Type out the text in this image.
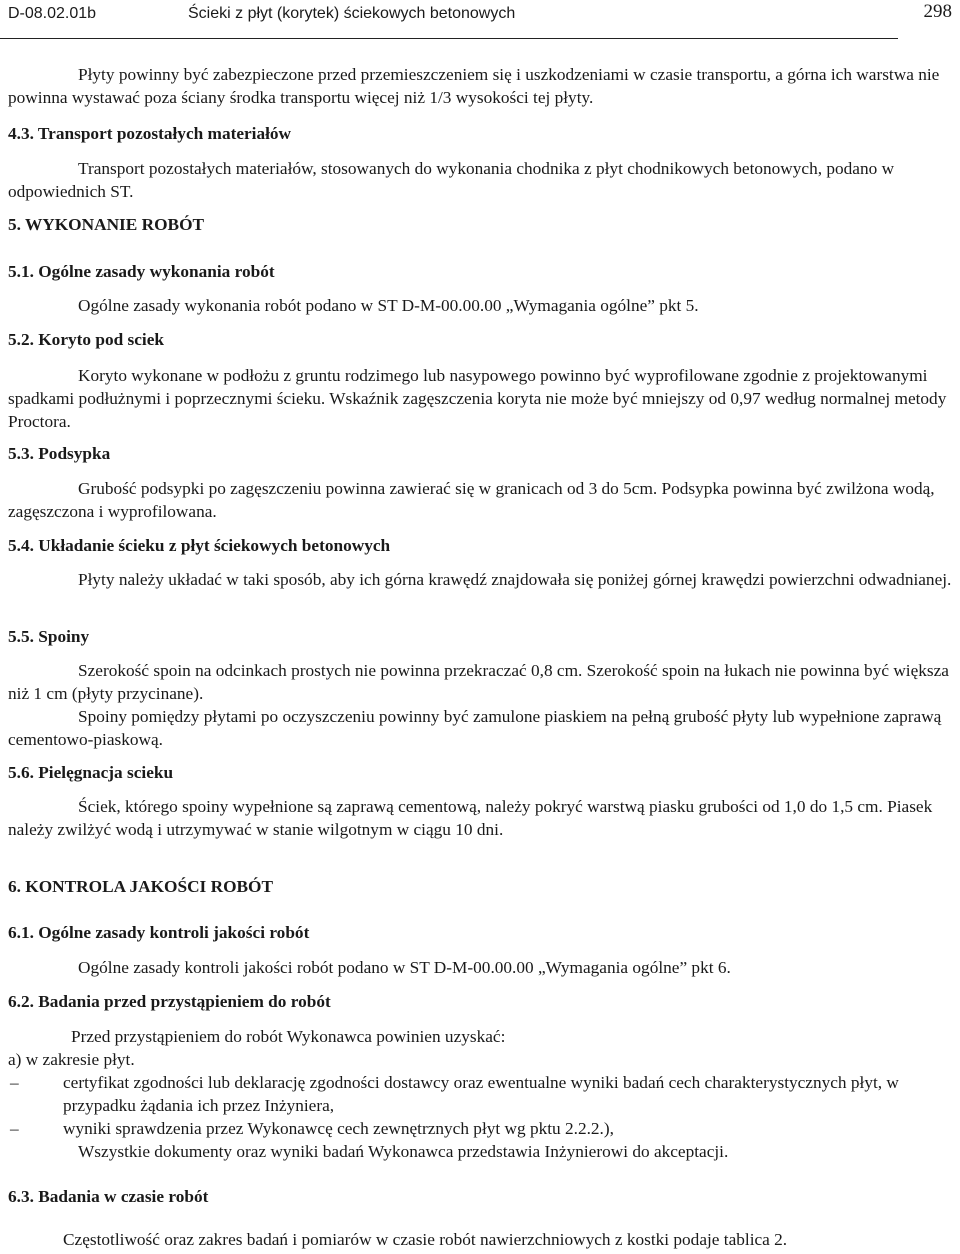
D-08.02.01b	Ścieki z płyt (korytek) ściekowych betonowych	298

Płyty powinny być zabezpieczone przed przemieszczeniem się i uszkodzeniami w czasie transportu, a górna ich warstwa nie powinna wystawać poza ściany środka transportu więcej niż 1/3 wysokości tej płyty.

4.3. Transport pozostałych materiałów

Transport pozostałych materiałów, stosowanych do wykonania chodnika z płyt chodnikowych betonowych, podano w odpowiednich ST.

5. WYKONANIE ROBÓT

5.1. Ogólne zasady wykonania robót

Ogólne zasady wykonania robót podano w ST D-M-00.00.00 „Wymagania ogólne” pkt 5.

5.2. Koryto pod sciek

Koryto wykonane w podłożu z gruntu rodzimego lub nasypowego powinno być wyprofilowane zgodnie z projektowanymi spadkami podłużnymi i poprzecznymi ścieku. Wskaźnik zagęszczenia koryta nie może być mniejszy od 0,97 według normalnej metody Proctora.

5.3. Podsypka

Grubość podsypki po zagęszczeniu powinna zawierać się w granicach od 3 do 5cm. Podsypka powinna być zwilżona wodą, zagęszczona i wyprofilowana.

5.4. Układanie ścieku z płyt ściekowych betonowych

Płyty należy układać w taki sposób, aby ich górna krawędź znajdowała się poniżej górnej krawędzi powierzchni odwadnianej.

5.5. Spoiny

Szerokość spoin na odcinkach prostych nie powinna przekraczać 0,8 cm. Szerokość spoin na łukach nie powinna być większa niż 1 cm (płyty przycinane).

Spoiny pomiędzy płytami po oczyszczeniu powinny być zamulone piaskiem na pełną grubość płyty lub wypełnione zaprawą cementowo-piaskową.

5.6. Pielęgnacja scieku

Ściek, którego spoiny wypełnione są zaprawą cementową, należy pokryć warstwą piasku grubości od 1,0 do 1,5 cm. Piasek należy zwilżyć wodą i utrzymywać w stanie wilgotnym w ciągu 10 dni.

6. KONTROLA JAKOŚCI ROBÓT

6.1. Ogólne zasady kontroli jakości robót

Ogólne zasady kontroli jakości robót podano w ST D-M-00.00.00 „Wymagania ogólne” pkt 6.

6.2. Badania przed przystąpieniem do robót

Przed przystąpieniem do robót Wykonawca powinien uzyskać:

a) w zakresie płyt.

–	certyfikat zgodności lub deklarację zgodności dostawcy oraz ewentualne wyniki badań cech charakterystycznych płyt, w przypadku żądania ich przez Inżyniera,
–	wyniki sprawdzenia przez Wykonawcę cech zewnętrznych płyt wg pktu 2.2.2.),

Wszystkie dokumenty oraz wyniki badań Wykonawca przedstawia Inżynierowi do akceptacji.

6.3. Badania w czasie robót

Częstotliwość oraz zakres badań i pomiarów w czasie robót nawierzchniowych z kostki podaje tablica 2.
